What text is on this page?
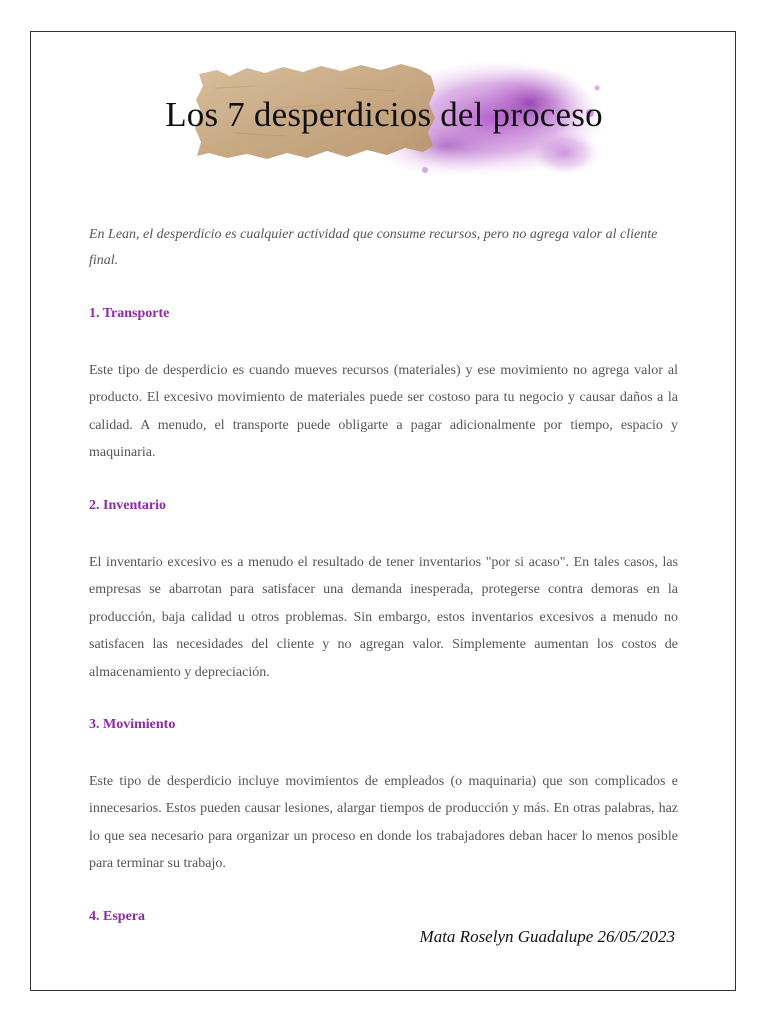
Los 7 desperdicios del proceso

En Lean, el desperdicio es cualquier actividad que consume recursos, pero no agrega valor al cliente final.

1. Transporte

Este tipo de desperdicio es cuando mueves recursos (materiales) y ese movimiento no agrega valor al producto. El excesivo movimiento de materiales puede ser costoso para tu negocio y causar daños a la calidad. A menudo, el transporte puede obligarte a pagar adicionalmente por tiempo, espacio y maquinaria.

2. Inventario

El inventario excesivo es a menudo el resultado de tener inventarios "por si acaso". En tales casos, las empresas se abarrotan para satisfacer una demanda inesperada, protegerse contra demoras en la producción, baja calidad u otros problemas. Sin embargo, estos inventarios excesivos a menudo no satisfacen las necesidades del cliente y no agregan valor. Simplemente aumentan los costos de almacenamiento y depreciación.

3. Movimiento

Este tipo de desperdicio incluye movimientos de empleados (o maquinaria) que son complicados e innecesarios. Estos pueden causar lesiones, alargar tiempos de producción y más. En otras palabras, haz lo que sea necesario para organizar un proceso en donde los trabajadores deban hacer lo menos posible para terminar su trabajo.

4. Espera

Mata Roselyn Guadalupe 26/05/2023
